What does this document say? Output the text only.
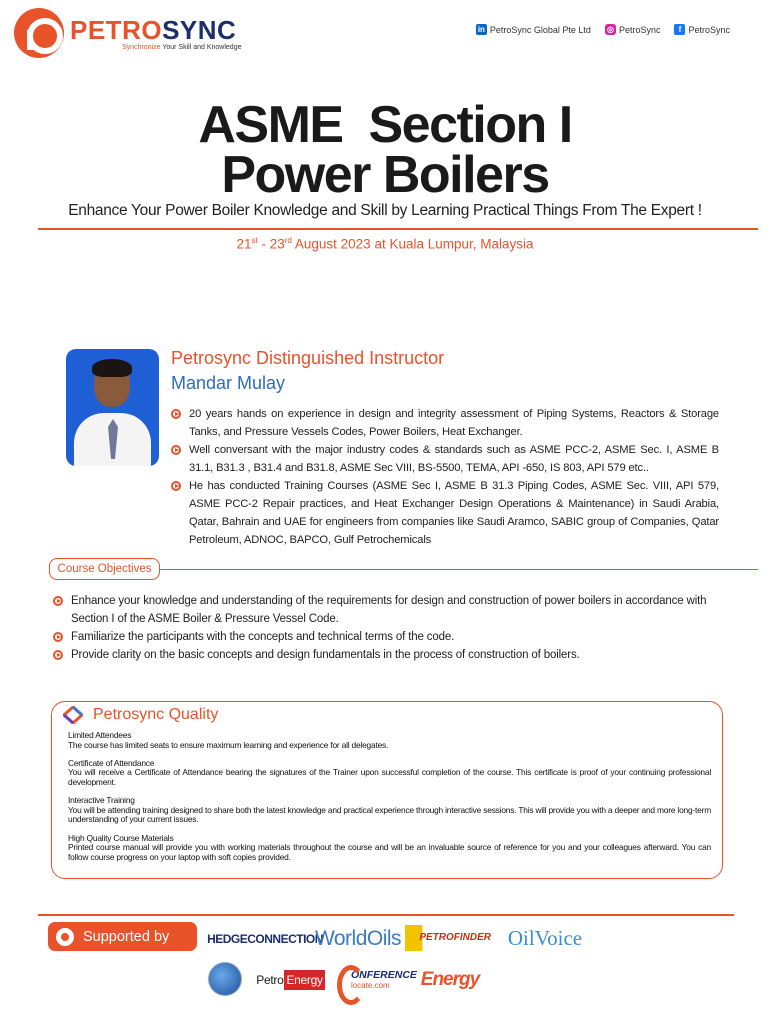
PETROSYNC
Synchronize Your Skill and Knowledge
in PetroSync Global Pte Ltd ◎ PetroSync	f PetroSync
ASME  Section I
Power Boilers
Enhance Your Power Boiler Knowledge and Skill by Learning Practical Things From The Expert !
21st - 23rd August 2023 at Kuala Lumpur, Malaysia
Petrosync Distinguished Instructor
Mandar Mulay
20 years hands on experience in design and integrity assessment of Piping Systems, Reactors & Storage Tanks, and Pressure Vessels Codes, Power Boilers, Heat Exchanger.
Well conversant with the major industry codes & standards such as ASME PCC-2, ASME Sec. I, ASME B 31.1, B31.3 , B31.4 and B31.8, ASME Sec VIII, BS-5500, TEMA, API -650, IS 803, API 579 etc..
He has conducted Training Courses (ASME Sec I, ASME B 31.3 Piping Codes, ASME Sec. VIII, API 579, ASME PCC-2 Repair practices, and Heat Exchanger Design Operations & Maintenance) in Saudi Arabia, Qatar, Bahrain and UAE for engineers from companies like Saudi Aramco, SABIC group of Companies, Qatar Petroleum, ADNOC, BAPCO, Gulf Petrochemicals
Course Objectives
Enhance your knowledge and understanding of the requirements for design and construction of power boilers in accordance with Section I of the ASME Boiler & Pressure Vessel Code.
Familiarize the participants with the concepts and technical terms of the code.
Provide clarity on the basic concepts and design fundamentals in the process of construction of boilers.
Petrosync Quality
Limited Attendees
The course has limited seats to ensure maximum learning and experience for all delegates.
Certificate of Attendance
You will receive a Certificate of Attendance bearing the signatures of the Trainer upon successful completion of the course. This certificate is proof of your continuing professional development.
Interactive Training
You will be attending training designed to share both the latest knowledge and practical experience through interactive sessions. This will provide you with a deeper and more long-term understanding of your current issues.
High Quality Course Materials
Printed course manual will provide you with working materials throughout the course and will be an invaluable source of reference for you and your colleagues afterward. You can follow course progress on your laptop with soft copies provided.
Supported by	HEDGECONNECTION
WorldOils PETROFINDER OilVoice
Petro Energy	ONFERENCE
locate.com Energy
